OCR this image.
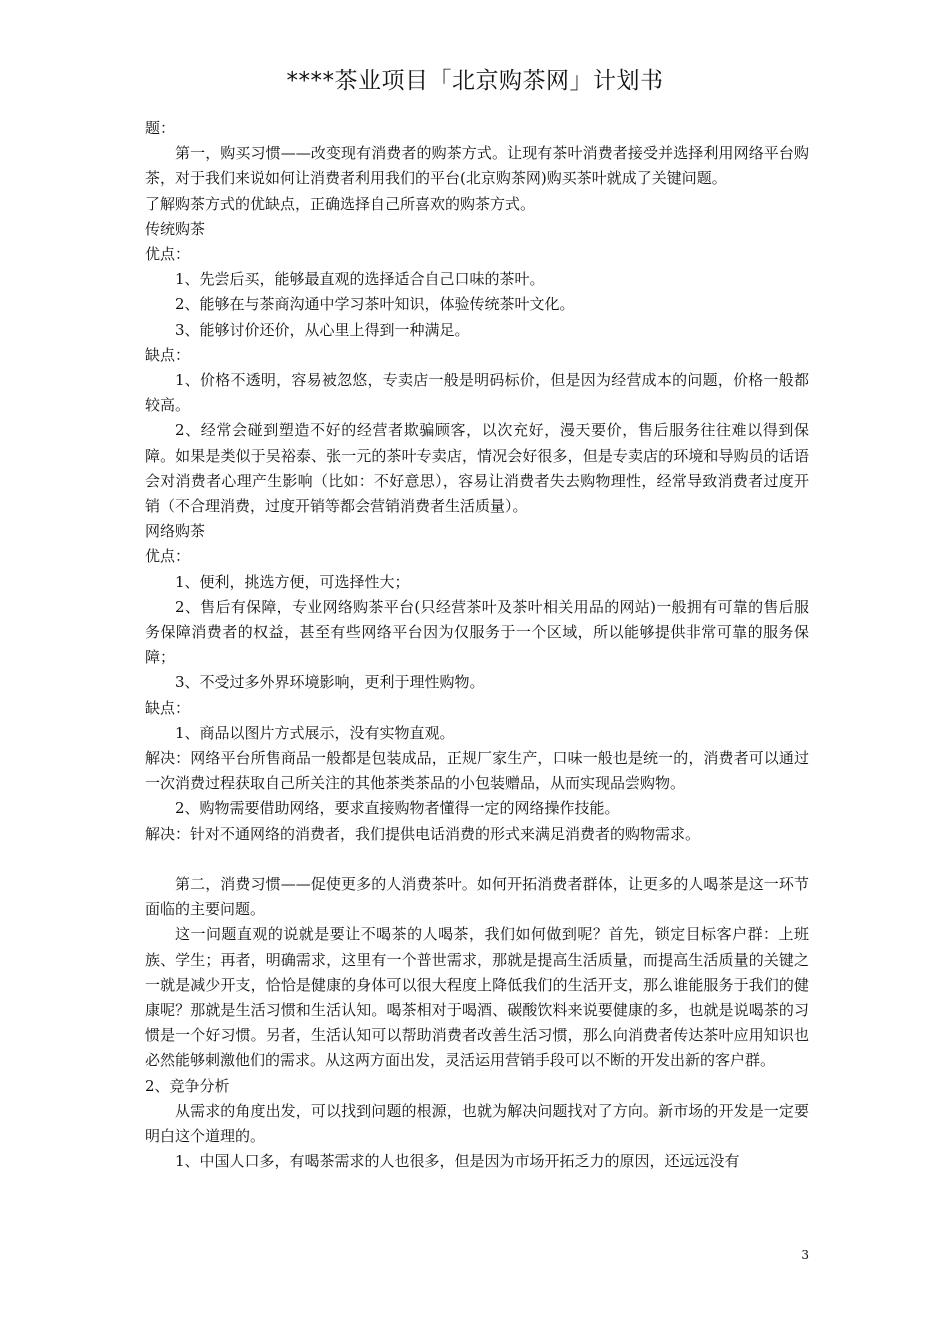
****茶业项目「北京购茶网」计划书

题：

第一，购买习惯——改变现有消费者的购茶方式。让现有茶叶消费者接受并选择利用网络平台购茶，对于我们来说如何让消费者利用我们的平台(北京购茶网)购买茶叶就成了关键问题。

了解购茶方式的优缺点，正确选择自己所喜欢的购茶方式。

传统购茶

优点：

1、先尝后买，能够最直观的选择适合自己口味的茶叶。

2、能够在与茶商沟通中学习茶叶知识，体验传统茶叶文化。

3、能够讨价还价，从心里上得到一种满足。

缺点：

1、价格不透明，容易被忽悠，专卖店一般是明码标价，但是因为经营成本的问题，价格一般都较高。

2、经常会碰到塑造不好的经营者欺骗顾客，以次充好，漫天要价，售后服务往往难以得到保障。如果是类似于吴裕泰、张一元的茶叶专卖店，情况会好很多，但是专卖店的环境和导购员的话语会对消费者心理产生影响（比如：不好意思），容易让消费者失去购物理性，经常导致消费者过度开销（不合理消费，过度开销等都会营销消费者生活质量）。

网络购茶

优点：

1、便利，挑选方便，可选择性大；

2、售后有保障，专业网络购茶平台(只经营茶叶及茶叶相关用品的网站)一般拥有可靠的售后服务保障消费者的权益，甚至有些网络平台因为仅服务于一个区域，所以能够提供非常可靠的服务保障；

3、不受过多外界环境影响，更利于理性购物。

缺点：

1、商品以图片方式展示，没有实物直观。

解决：网络平台所售商品一般都是包装成品，正规厂家生产，口味一般也是统一的，消费者可以通过一次消费过程获取自己所关注的其他茶类茶品的小包装赠品，从而实现品尝购物。

2、购物需要借助网络，要求直接购物者懂得一定的网络操作技能。

解决：针对不通网络的消费者，我们提供电话消费的形式来满足消费者的购物需求。

第二，消费习惯——促使更多的人消费茶叶。如何开拓消费者群体，让更多的人喝茶是这一环节面临的主要问题。

这一问题直观的说就是要让不喝茶的人喝茶，我们如何做到呢？首先，锁定目标客户群：上班族、学生；再者，明确需求，这里有一个普世需求，那就是提高生活质量，而提高生活质量的关键之一就是减少开支，恰恰是健康的身体可以很大程度上降低我们的生活开支，那么谁能服务于我们的健康呢？那就是生活习惯和生活认知。喝茶相对于喝酒、碳酸饮料来说要健康的多，也就是说喝茶的习惯是一个好习惯。另者，生活认知可以帮助消费者改善生活习惯，那么向消费者传达茶叶应用知识也必然能够刺激他们的需求。从这两方面出发，灵活运用营销手段可以不断的开发出新的客户群。

2、竞争分析

从需求的角度出发，可以找到问题的根源，也就为解决问题找对了方向。新市场的开发是一定要明白这个道理的。

1、中国人口多，有喝茶需求的人也很多，但是因为市场开拓乏力的原因，还远远没有

3
